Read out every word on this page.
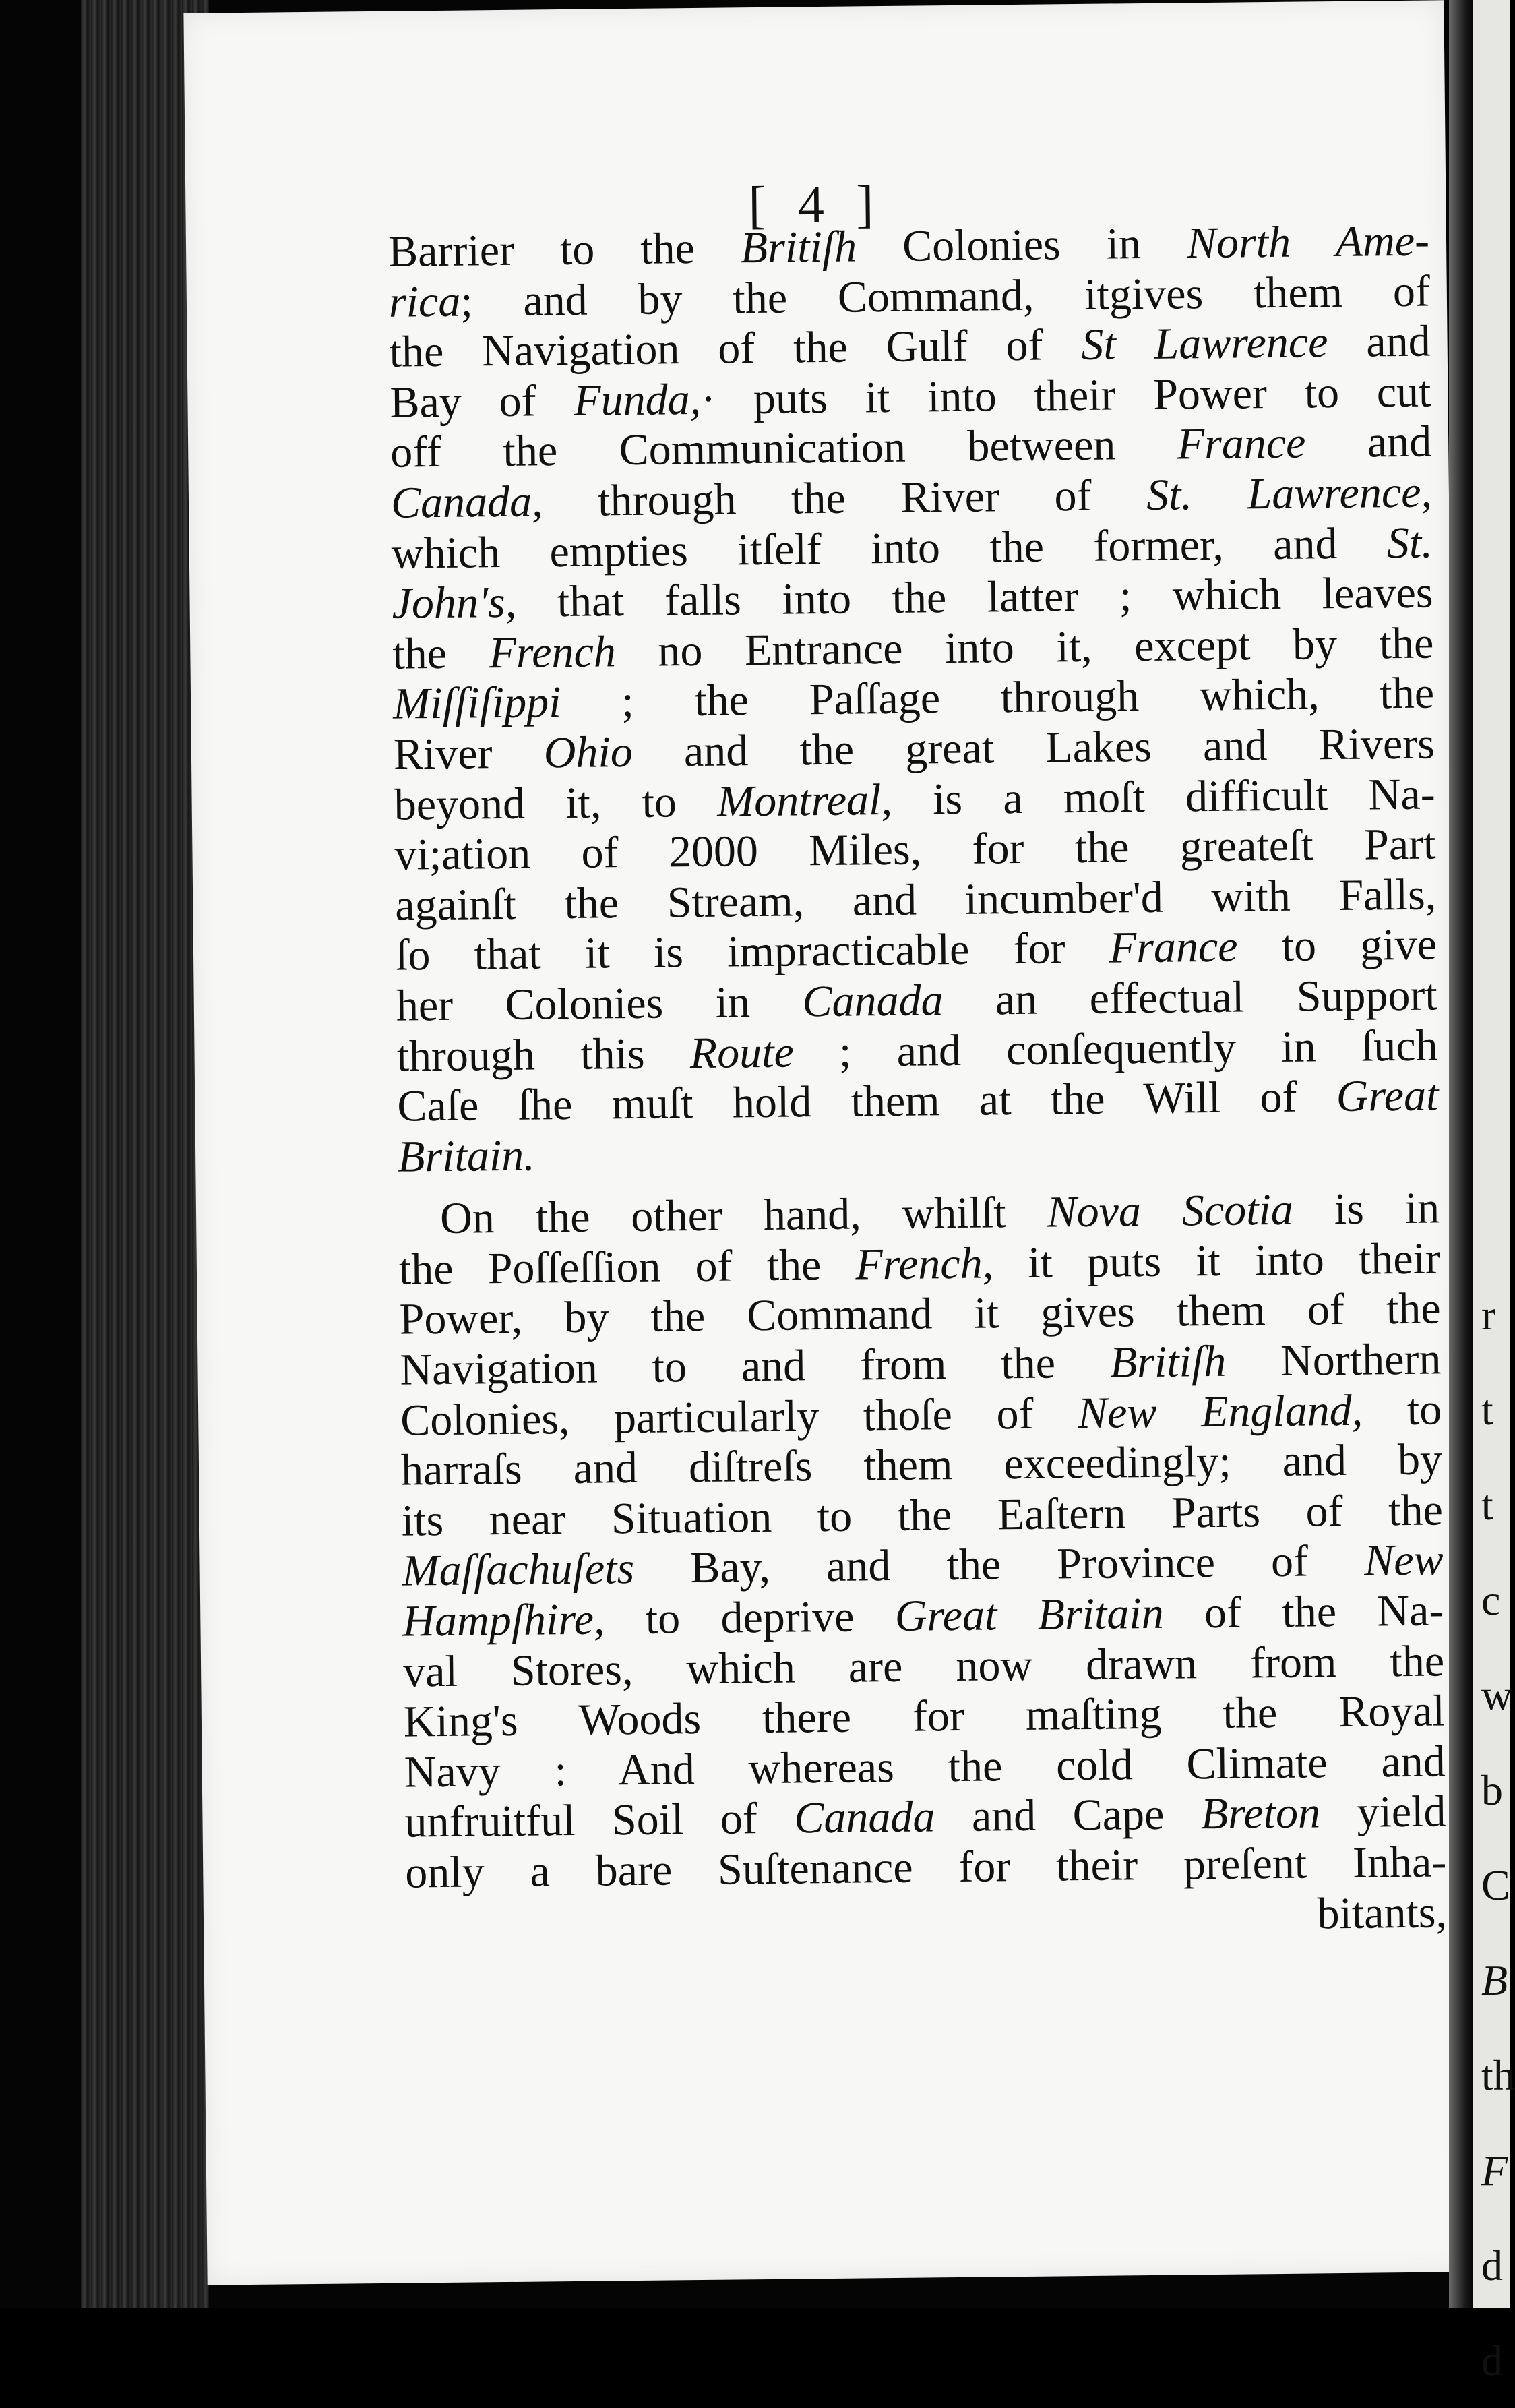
[ 4 ]
Barrier to the Britiſh Colonies in North Ame-
rica; and by the Command, itgives them of
the Navigation of the Gulf of St Lawrence and
Bay of Funda,· puts it into their Power to cut
off the Communication between France and
Canada, through the River of St. Lawrence,
which empties itſelf into the former, and St.
John's, that falls into the latter ; which leaves
the French no Entrance into it, except by the
Miſſiſippi ; the Paſſage through which, the
River Ohio and the great Lakes and Rivers
beyond it, to Montreal, is a moſt difficult Na-
vi;ation of 2000 Miles, for the greateſt Part
againſt the Stream, and incumber'd with Falls,
ſo that it is impracticable for France to give
her Colonies in Canada an effectual Support
through this Route ; and conſequently in ſuch
Caſe ſhe muſt hold them at the Will of Great
Britain.
On the other hand, whilſt Nova Scotia is in
the Poſſeſſion of the French, it puts it into their
Power, by the Command it gives them of the
Navigation to and from the Britiſh Northern
Colonies, particularly thoſe of New England, to
harraſs and diſtreſs them exceedingly; and by
its near Situation to the Eaſtern Parts of the
Maſſachuſets Bay, and the Province of New
Hampſhire, to deprive Great Britain of the Na-
val Stores, which are now drawn from the
King's Woods there for maſting the Royal
Navy : And whereas the cold Climate and
unfruitful Soil of Canada and Cape Breton yield
only a bare Suſtenance for their preſent Inha-
bitants,
r
t
t
c
w
b
C
B
th
F
d
d
